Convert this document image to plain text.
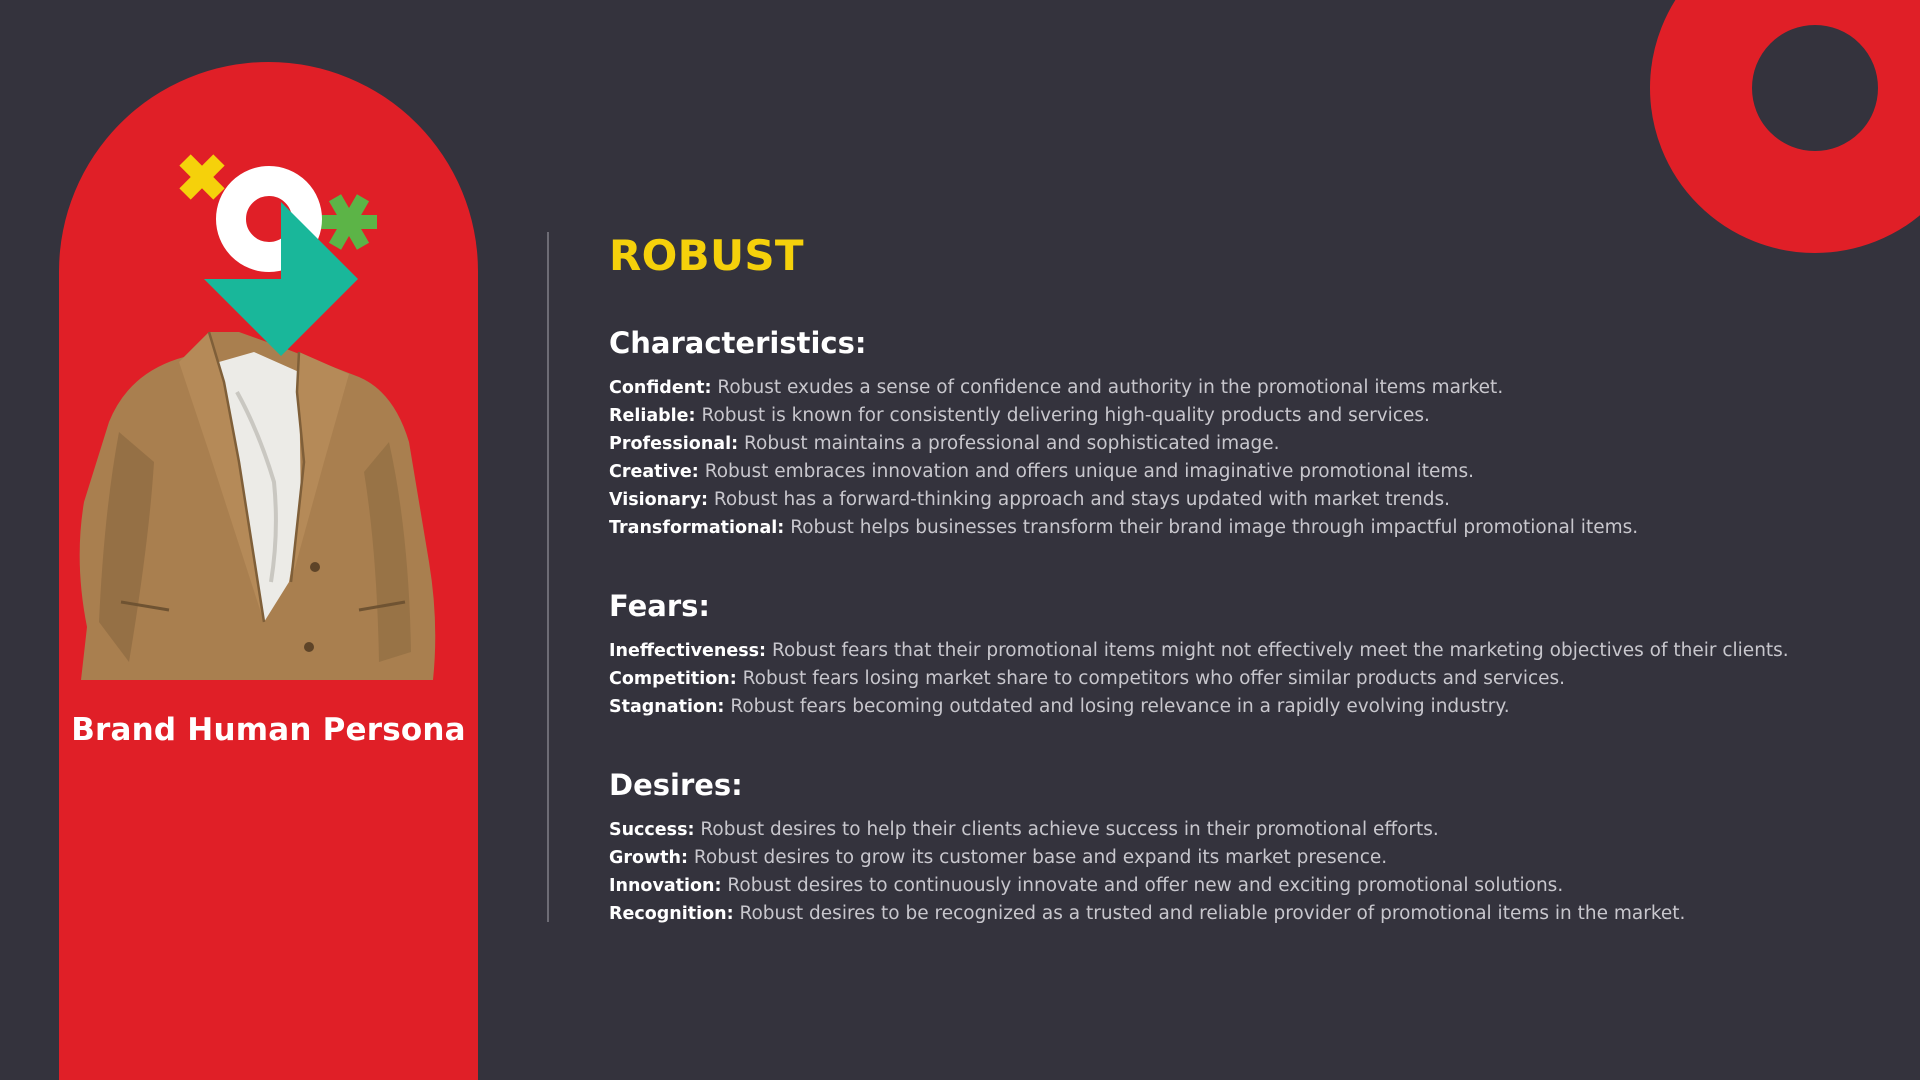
Brand Human Persona
ROBUST
Characteristics:
Confident: Robust exudes a sense of confidence and authority in the promotional items market.
Reliable: Robust is known for consistently delivering high-quality products and services.
Professional: Robust maintains a professional and sophisticated image.
Creative: Robust embraces innovation and offers unique and imaginative promotional items.
Visionary: Robust has a forward-thinking approach and stays updated with market trends.
Transformational: Robust helps businesses transform their brand image through impactful promotional items.
Fears:
Ineffectiveness: Robust fears that their promotional items might not effectively meet the marketing objectives of their clients.
Competition: Robust fears losing market share to competitors who offer similar products and services.
Stagnation: Robust fears becoming outdated and losing relevance in a rapidly evolving industry.
Desires:
Success: Robust desires to help their clients achieve success in their promotional efforts.
Growth: Robust desires to grow its customer base and expand its market presence.
Innovation: Robust desires to continuously innovate and offer new and exciting promotional solutions.
Recognition: Robust desires to be recognized as a trusted and reliable provider of promotional items in the market.
